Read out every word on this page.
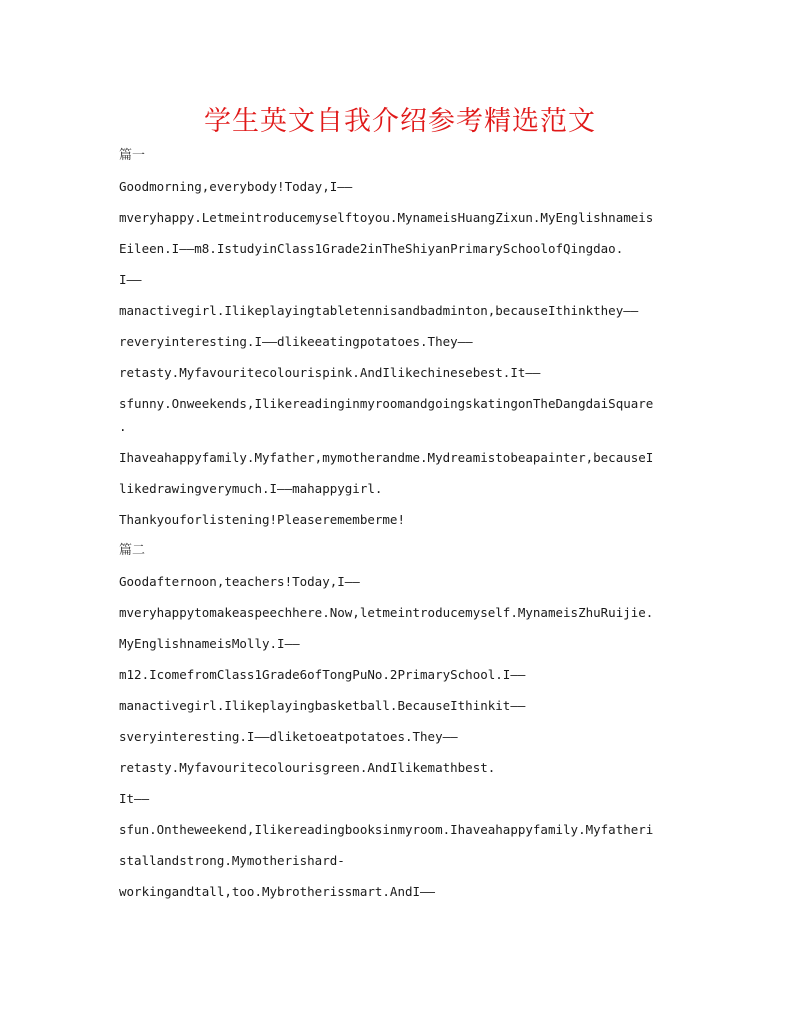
学生英文自我介绍参考精选范文
篇一
Goodmorning,everybody!Today,I——
mveryhappy.Letmeintroducemyselftoyou.MynameisHuangZixun.MyEnglishnameis
Eileen.I——m8.IstudyinClass1Grade2inTheShiyanPrimarySchoolofQingdao.
I——
manactivegirl.Ilikeplayingtabletennisandbadminton,becauseIthinkthey——
reveryinteresting.I——dlikeeatingpotatoes.They——
retasty.Myfavouritecolourispink.AndIlikechinesebest.It——
sfunny.Onweekends,IlikereadinginmyroomandgoingskatingonTheDangdaiSquare
.
Ihaveahappyfamily.Myfather,mymotherandme.Mydreamistobeapainter,becauseI
likedrawingverymuch.I——mahappygirl.
Thankyouforlistening!Pleaserememberme!
篇二
Goodafternoon,teachers!Today,I——
mveryhappytomakeaspeechhere.Now,letmeintroducemyself.MynameisZhuRuijie.
MyEnglishnameisMolly.I——
m12.IcomefromClass1Grade6ofTongPuNo.2PrimarySchool.I——
manactivegirl.Ilikeplayingbasketball.BecauseIthinkit——
sveryinteresting.I——dliketoeatpotatoes.They——
retasty.Myfavouritecolourisgreen.AndIlikemathbest.
It——
sfun.Ontheweekend,Ilikereadingbooksinmyroom.Ihaveahappyfamily.Myfatheri
stallandstrong.Mymotherishard-
workingandtall,too.Mybrotherissmart.AndI——
